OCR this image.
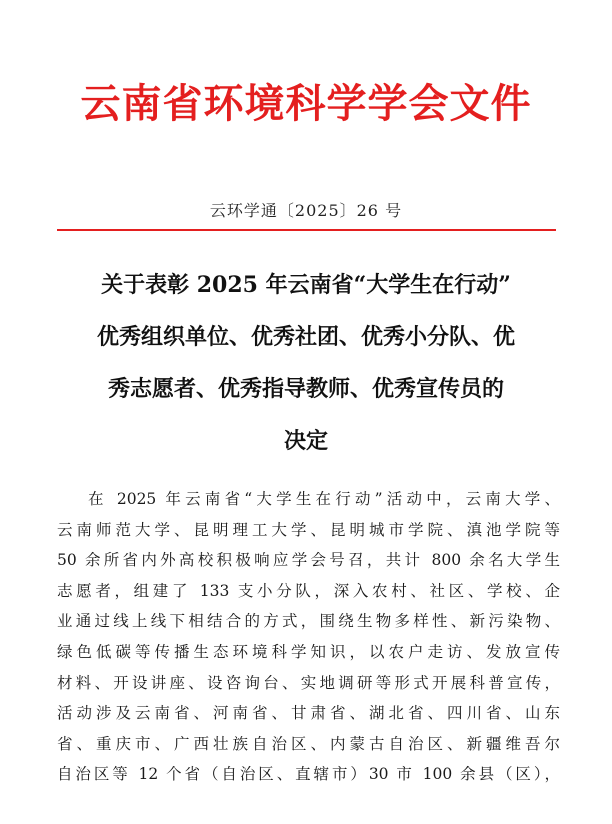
云南省环境科学学会文件
云环学通〔2025〕26 号
关于表彰 2025 年云南省“大学生在行动”
优秀组织单位、优秀社团、优秀小分队、优
秀志愿者、优秀指导教师、优秀宣传员的
决定
在 2025 年云南省“大学生在行动”活动中，云南大学、
云南师范大学、昆明理工大学、昆明城市学院、滇池学院等
50 余所省内外高校积极响应学会号召，共计 800 余名大学生
志愿者，组建了 133 支小分队，深入农村、社区、学校、企
业通过线上线下相结合的方式，围绕生物多样性、新污染物、
绿色低碳等传播生态环境科学知识，以农户走访、发放宣传
材料、开设讲座、设咨询台、实地调研等形式开展科普宣传，
活动涉及云南省、河南省、甘肃省、湖北省、四川省、山东
省、重庆市、广西壮族自治区、内蒙古自治区、新疆维吾尔
自治区等 12 个省（自治区、直辖市）30 市 100 余县（区），
